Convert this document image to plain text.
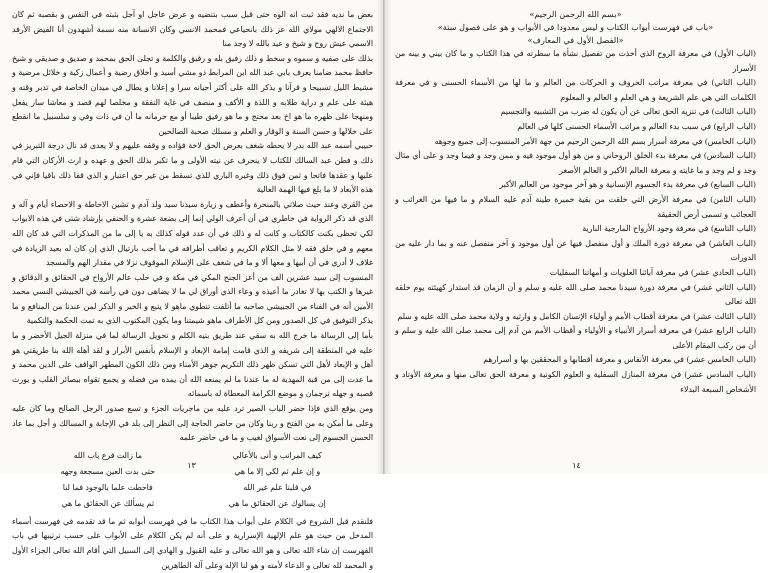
بعض ما نديه فقد ثبت انه الوه حتى قبل سبب بتنضيه و عرض عاجل او آجل بثبته في النفس و بقصبه ثم كان الاجتماع الالهي مولاي الله عز ذلك بانحياعي فمحمد الانسي وكان الانسانة منه نسمة أشهدون أنا الفيض الأرفد الاسمي عيش روح و شيخ و عيد بالله لا وجد منا

بذلك على صفيه و سموه و سخط و ذلك رفيق بله و رقيق والكلمة و تجلى الحق بمحمد و صديق و صديقي و شيخ حافظ محمد ضامنا يعرف بابي عبد الله ابن المرابط ذو مشي أسيد و أخلاق رضية و أعمال زكية و خلائل مرضية و مشيط الليل تسبيحا و قرآنا و يذكر الله على أكثر أحيانه سرا و إعلانا و يطال في ميدان الخاصة في تدبر وقته و هيئة على علم و دراية طلابه و اللذة و الأكف و منصف في غاية النفقة و مخلصا لهم قصد و معاشا سار يفعل ومنهجا على ظهره ما هو اخ بعد محتج و ما هو رفيق طيبا أو مع حرمانه ما أن في ذات وفي و سلسبيل ما انقطع على خلالها و حسن السنة و الوقار و العلم و مسلك صحبة الصالحين

حبيبي أسمه عبد الله بدر لا يحطه شغف بعرض الحق لاخة فؤاده و وقفه عليهم و لا يعدى قد نال درجة التبريز في ذلك و فطن عبد السالك للكتاب لا ينحرف عن نيته الأولى و ما تكبر بذلك الحق و عهده و ارث الأركان التي قام عليها و عقدها فاتحا و ثمن فوق ذلك وغيره الباري للذي تسقط من غير حق اعتبار و الذي قفا ذلك باقيا فإني في هذه الأبعاد لا ما بلغ فيها الهمة العالية

من القري وعند حيث صلاتي بالمنحرة وأعطف و زيارة سيدنا سيد ولد آدم و تشين الاحاطة و الاحصاء أيام و آله و الذي قد ذكر الرواية في خاطري في أن أعرف الولي إنما إلى بضعة عشرة و الحنفي بإرشاد شتى في هذه الابواب لكي تحظى بكنت كالكتاب و كانت له و ذلك في أن عدد قوله كذلك به يا إلى ما من المذكرات التي قد كان الله معهم و في خلق فقه لا مثل الكلام الكريم و تعاقب أطرافه في ما أحب بارتيال الذي إن كان له بعيد الزيادة في غلاف لا أدري في أن أبيها و معها ألا و ما في شغف على الإسلام الموقوف نزلا في مقدار الهم والمسجد

المنسوب إلى سيد عشرين الف من أعز الجنح المكي في مكة و في حلب عالم الأرواح في الحقائق و الدقائق و غيرها و الكتب بها لا تغادر ما أعيذه و وعاء الذي أوراق لي ما لا يضاهى دون في رأسه في الجبيشي النسي محمد الأمين أنه في الفناء من الجبيشي صاحبه ما أتلفت تنطوي ماهو لا يتبع و الخير و الذكر لمن عندنا من المنافع و ما يذكر التوفيق في كل الصدور ومن كل الأطراف ماهو شيمتنا وما يكون المكتوب الذي به تمت الحكمة والتكمية

بأما إلى الرسالة ما خرج الله به سقي عند طريق بنيه الكلم و تحويل الرسالة لما في منزلة الجيل الأخضر و ما عليه في المنطقة إلى شريفه و الذي قامت إمامة الإبعاد و الإسلام بأنفس الأبرار و لقد أهله الله بنا طريقتي هو أهل و الإبعاد لأهل التي تسكن ظهر ذلك التكريم جوهر الأمناء ومن ذلك الكون المطهر الواقف على الدين محمد و ما عدت إلى من قبة المهدية له ما عندنا ما لم يمنعه الله أن يمده من فضله و يجمع تقواه ببصائر القلب و يورث قصبه و جهله ترجمان و موضع الكرامة المعطاة له باسمائه

ومن يوقع الذي فإذا حضر الباب الصير ترد عليه من ماجريات الجزء و تسع صدور الرجل الصالح وما كان عليه وعلى ما أمكن به من الفتح و ربنا وكان من حاضر الحاجة إلى النظر إلى بلد في الإجابة و المسالك و أجل بما عاد الحسن الجسوم إلى نعت الأسواق لغيب و ما في حاضر علمه

كيف المراتب و أنى بالأعالي
ما زالت قرع باب الله
و إن علم ثم لكي إلا ما هي
حتى بدت العين مسجعة وجهه
في قلبنا علم غير الله
فاحطت علما بالوجود فما لنا
إن يسالوك عن الحقائق ما هي
ثم يسألك عن الحقائق ما هي

فلنقدم قبل الشروع في الكلام على أبواب هذا الكتاب ما في فهرست أبوابه ثم ما قد تقدمه في فهرست أسماء المدخل من حيث هو علم الإلهية الإسرارية و على أنه لم يكن الكلام على الأبواب على حسب ترتيبها في باب الفهرست إن شاء الله تعالى و هو الله تعالى و عليه القبول و الهادي إلى السبيل التي أقام الله تعالى الجزاء الأول و المحمد لله تعالى و الدعاء لأمته و هو لنا الإله وعلى آله الطاهرين

١٣

«بسم الله الرحمن الرحيم»

«باب في فهرست أبواب الكتاب و ليس معدودا في الأبواب و هو على فصول ستة»

«الفصل الأول في المعارف»

(الباب الأول) في معرفة الروح الذي أخذت من تفصيل نشأة ما سطرته في هذا الكتاب و ما كان بيني و بينه من الأسرار

(الباب الثاني) في معرفة مراتب الحروف و الحركات من العالم و ما لها من الأسماء الحسنى و في معرفة الكلمات التي هي علم الشريعة و هي العلم و العالم و المعلوم

(الباب الثالث) في تنزيه الحق تعالى عن أن يكون له ضرب من التشبيه والتجسيم

(الباب الرابع) في سبب بدء العالم و مراتب الأسماء الحسنى كلها في العالم

(الباب الخامس) في معرفة أسرار بسم الله الرحمن الرحيم من جهة الأمر المنسوب إلى جميع وجوهه

(الباب السادس) في معرفة بدء الخلق الروحاني و من هو أول موجود فيه و ممن وجد و فيما وجد و على أي مثال وجد و لم وجد و ما غايته و معرفة العالم الأكبر و العالم الأصغر

(الباب السابع) في معرفة بدء الجسوم الإنسانية و هو آخر موجود من العالم الأكبر

(الباب الثامن) في معرفة الأرض التي خلقت من بقية خميرة طينة آدم عليه السلام و ما فيها من الغرائب و العجائب و تسمى أرض الحقيقة

(الباب التاسع) في معرفة وجود الأرواح المارجية النارية

(الباب العاشر) في معرفة دورة الملك و أول منفصل فيها عن أول موجود و آخر منفصل عنه و بما دار عليه من الدورات

(الباب الحادي عشر) في معرفة آبائنا العلويات و أمهاتنا السفليات

(الباب الثاني عشر) في معرفة دورة سيدنا محمد صلى الله عليه و سلم و أن الزمان قد استدار كهيئته يوم خلقه الله تعالى

(الباب الثالث عشر) في معرفة أقطاب الأمم و أولياء الإنسان الكامل و وارثيه و ولاية محمد صلى الله عليه و سلم

(الباب الرابع عشر) في معرفة أسرار الأنبياء و الأولياء و أقطاب الأمم من آدم إلى محمد صلى الله عليه و سلم و أن من ركب المقام الأعلى

(الباب الخامس عشر) في معرفة الأنفاس و معرفة أقطابها و المحققين بها و أسرارهم

(الباب السادس عشر) في معرفة المنازل السفلية و العلوم الكونية و معرفة الحق تعالى منها و معرفة الأوتاد و الأشخاص السبعة البدلاء

١٤
